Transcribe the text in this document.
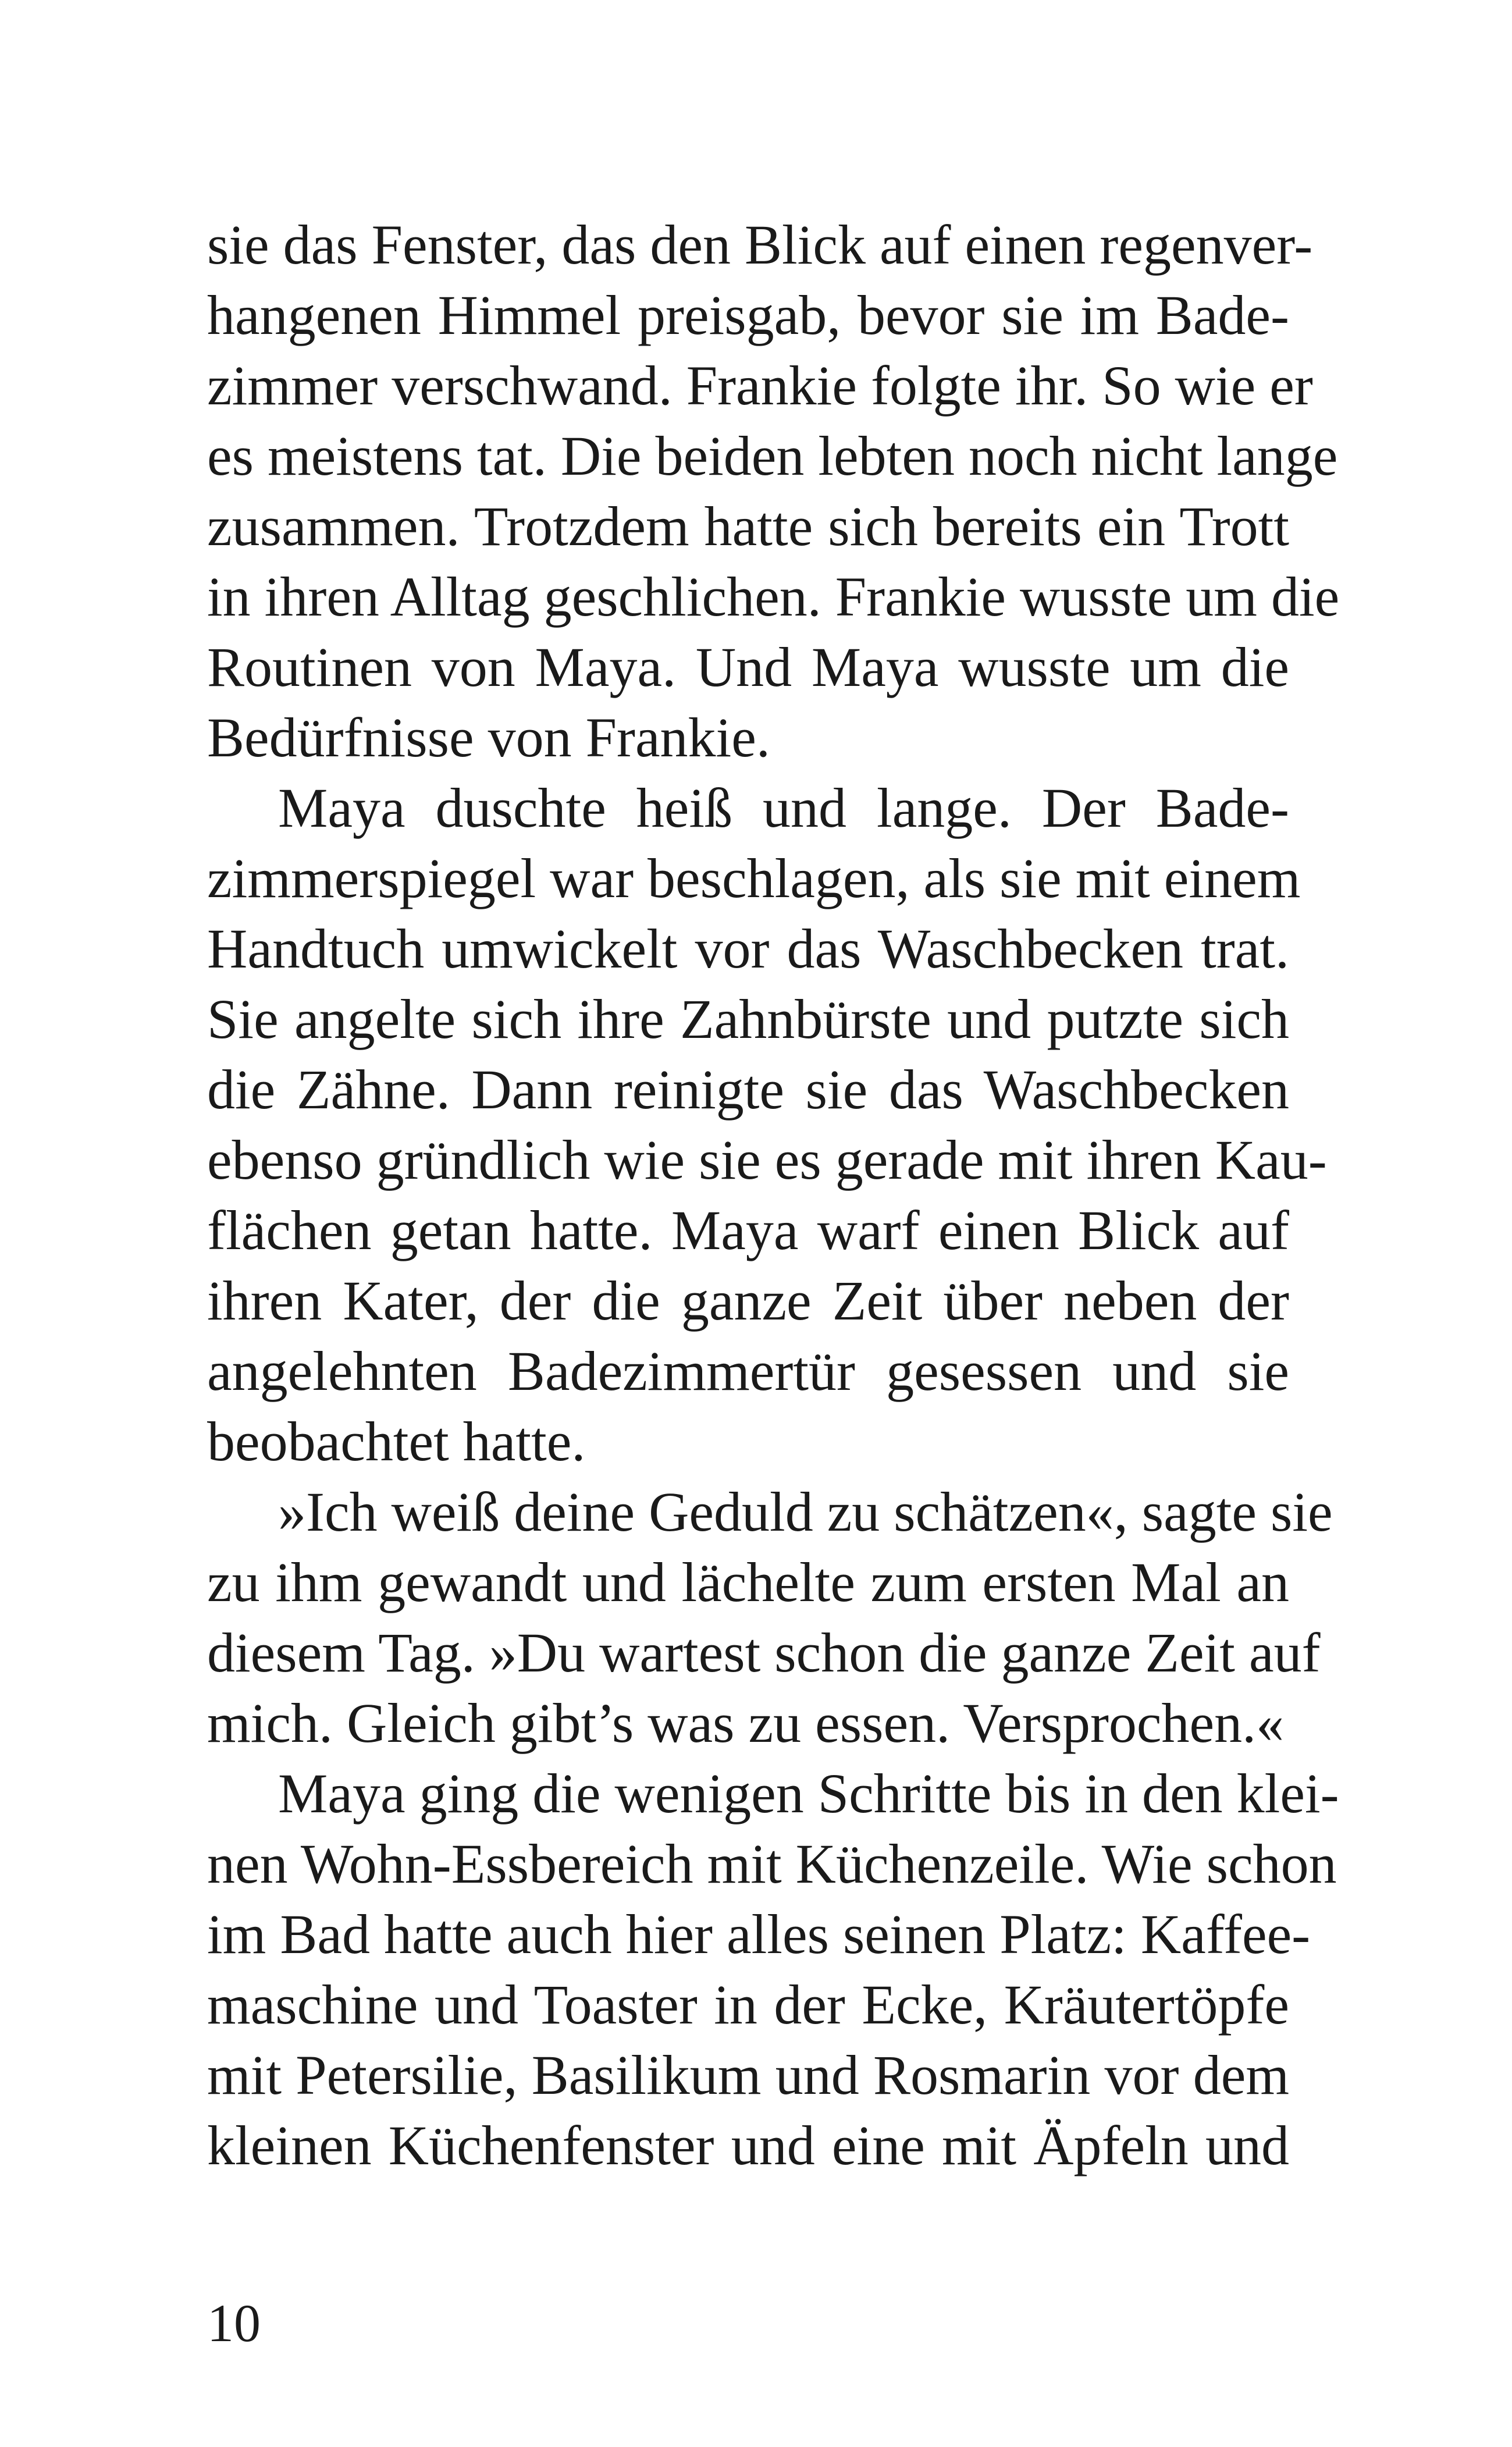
sie das Fenster, das den Blick auf einen regenver-
hangenen Himmel preisgab, bevor sie im Bade-
zimmer verschwand. Frankie folgte ihr. So wie er
es meistens tat. Die beiden lebten noch nicht lange
zusammen. Trotzdem hatte sich bereits ein Trott
in ihren Alltag geschlichen. Frankie wusste um die
Routinen von Maya. Und Maya wusste um die
Bedürfnisse von Frankie.
Maya duschte heiß und lange. Der Bade-
zimmerspiegel war beschlagen, als sie mit einem
Handtuch umwickelt vor das Waschbecken trat.
Sie angelte sich ihre Zahnbürste und putzte sich
die Zähne. Dann reinigte sie das Waschbecken
ebenso gründlich wie sie es gerade mit ihren Kau-
flächen getan hatte. Maya warf einen Blick auf
ihren Kater, der die ganze Zeit über neben der
angelehnten Badezimmertür gesessen und sie
beobachtet hatte.
»Ich weiß deine Geduld zu schätzen«, sagte sie
zu ihm gewandt und lächelte zum ersten Mal an
diesem Tag. »Du wartest schon die ganze Zeit auf
mich. Gleich gibt’s was zu essen. Versprochen.«
Maya ging die wenigen Schritte bis in den klei-
nen Wohn-Essbereich mit Küchenzeile. Wie schon
im Bad hatte auch hier alles seinen Platz: Kaffee-
maschine und Toaster in der Ecke, Kräutertöpfe
mit Petersilie, Basilikum und Rosmarin vor dem
kleinen Küchenfenster und eine mit Äpfeln und
10
